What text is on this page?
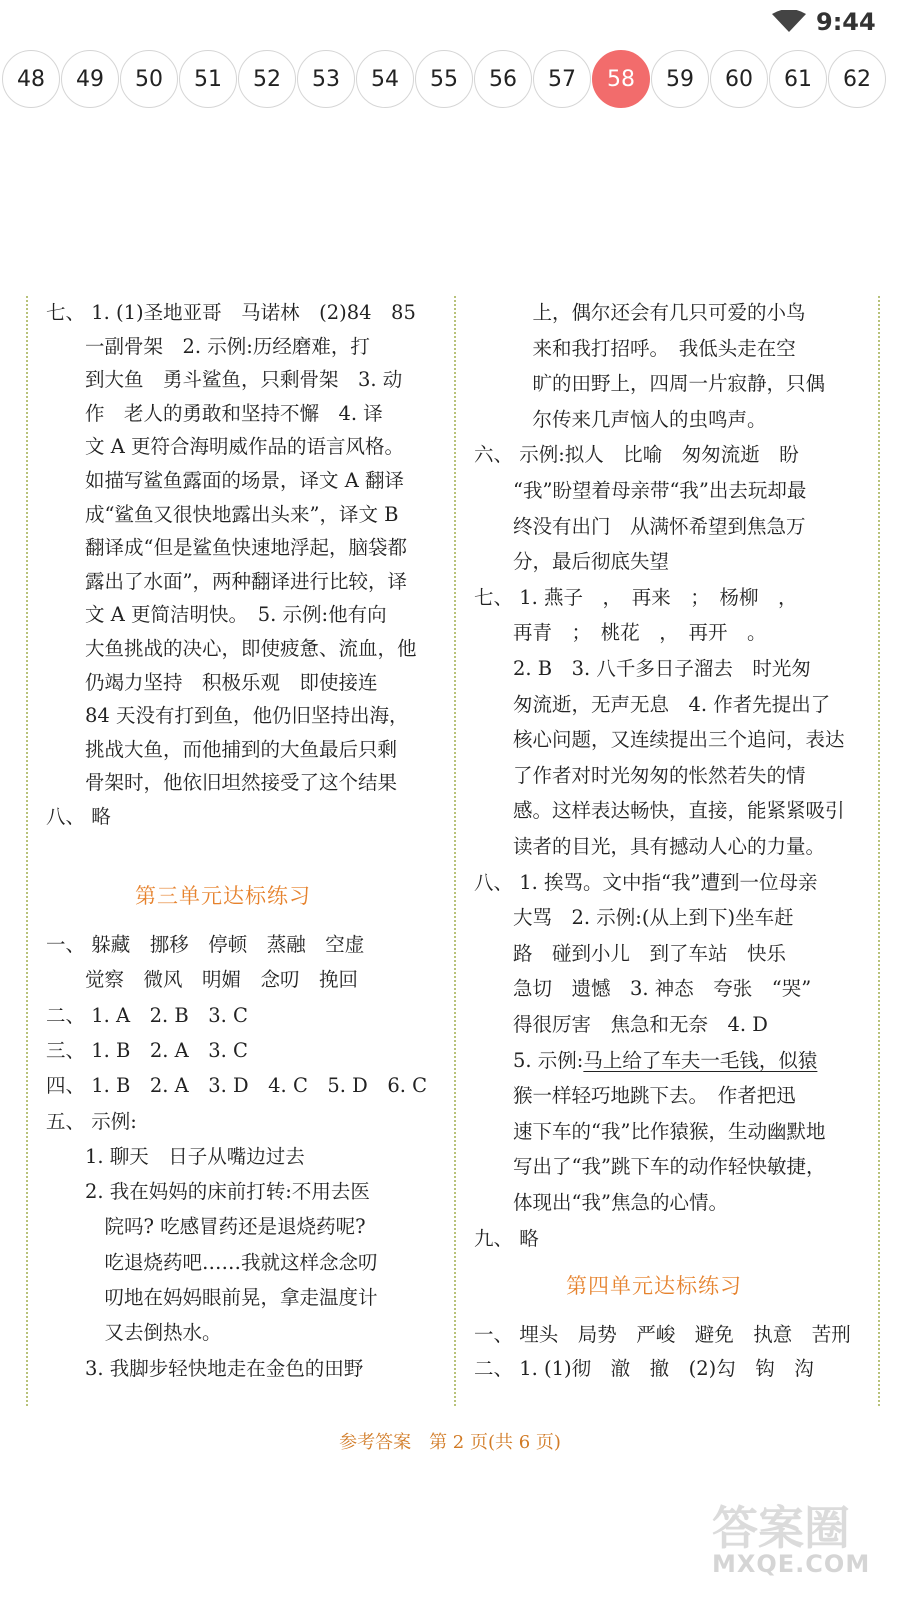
9:44
48	49	50	51	52	53	54	55	56	57	58	59	60	61	62
七、 1. (1)圣地亚哥　马诺林　(2)84　85
　　一副骨架　2. 示例:历经磨难，打
　　到大鱼　勇斗鲨鱼，只剩骨架　3. 动
　　作　老人的勇敢和坚持不懈　4. 译
　　文 A 更符合海明威作品的语言风格。
　　如描写鲨鱼露面的场景，译文 A 翻译
　　成“鲨鱼又很快地露出头来”，译文 B
　　翻译成“但是鲨鱼快速地浮起，脑袋都
　　露出了水面”，两种翻译进行比较，译
　　文 A 更简洁明快。　5. 示例:他有向
　　大鱼挑战的决心，即使疲惫、流血，他
　　仍竭力坚持　积极乐观　即使接连
　　84 天没有打到鱼，他仍旧坚持出海，
　　挑战大鱼，而他捕到的大鱼最后只剩
　　骨架时，他依旧坦然接受了这个结果
八、 略
第三单元达标练习
一、 躲藏　挪移　停顿　蒸融　空虚
　　觉察　微风　明媚　念叨　挽回
二、 1. A　2. B　3. C
三、 1. B　2. A　3. C
四、 1. B　2. A　3. D　4. C　5. D　6. C
五、 示例:
　　1. 聊天　日子从嘴边过去
　　2. 我在妈妈的床前打转:不用去医
　　　院吗? 吃感冒药还是退烧药呢?
　　　吃退烧药吧……我就这样念念叨
　　　叨地在妈妈眼前晃，拿走温度计
　　　又去倒热水。
　　3. 我脚步轻快地走在金色的田野
　　　上，偶尔还会有几只可爱的小鸟
　　　来和我打招呼。　我低头走在空
　　　旷的田野上，四周一片寂静，只偶
　　　尔传来几声恼人的虫鸣声。
六、 示例:拟人　比喻　匆匆流逝　盼
　　“我”盼望着母亲带“我”出去玩却最
　　终没有出门　从满怀希望到焦急万
　　分，最后彻底失望
七、 1. 燕子　，　再来　；　杨柳　，
　　再青　；　桃花　，　再开　。
　　2. B　3. 八千多日子溜去　时光匆
　　匆流逝，无声无息　4. 作者先提出了
　　核心问题，又连续提出三个追问，表达
　　了作者对时光匆匆的怅然若失的情
　　感。这样表达畅快，直接，能紧紧吸引
　　读者的目光，具有撼动人心的力量。
八、 1. 挨骂。文中指“我”遭到一位母亲
　　大骂　2. 示例:(从上到下)坐车赶
　　路　碰到小儿　到了车站　快乐
　　急切　遗憾　3. 神态　夸张　“哭”
　　得很厉害　焦急和无奈　4. D
　　5. 示例:马上给了车夫一毛钱，似猿
　　猴一样轻巧地跳下去。　作者把迅
　　速下车的“我”比作猿猴，生动幽默地
　　写出了“我”跳下车的动作轻快敏捷，
　　体现出“我”焦急的心情。
九、 略
第四单元达标练习
一、 埋头　局势　严峻　避免　执意　苦刑
二、 1. (1)彻　澈　撤　(2)勾　钩　沟
参考答案　第 2 页(共 6 页)
答案圈
MXQE.COM
